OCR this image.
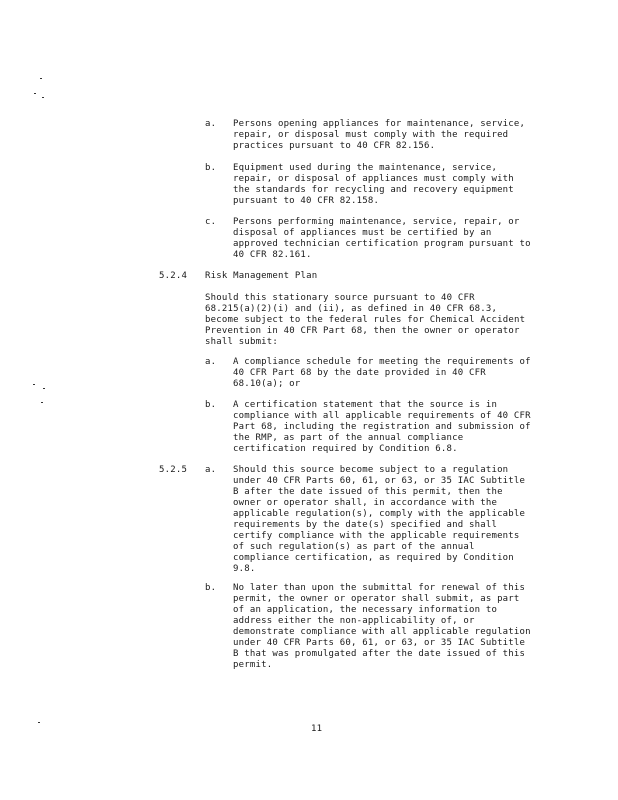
a. Persons opening appliances for maintenance, service,
repair, or disposal must comply with the required
practices pursuant to 40 CFR 82.156.
b. Equipment used during the maintenance, service,
repair, or disposal of appliances must comply with
the standards for recycling and recovery equipment
pursuant to 40 CFR 82.158.
c. Persons performing maintenance, service, repair, or
disposal of appliances must be certified by an
approved technician certification program pursuant to
40 CFR 82.161.
5.2.4 Risk Management Plan
Should this stationary source pursuant to 40 CFR
68.215(a)(2)(i) and (ii), as defined in 40 CFR 68.3,
become subject to the federal rules for Chemical Accident
Prevention in 40 CFR Part 68, then the owner or operator
shall submit:
a. A compliance schedule for meeting the requirements of
40 CFR Part 68 by the date provided in 40 CFR
68.10(a); or
b. A certification statement that the source is in
compliance with all applicable requirements of 40 CFR
Part 68, including the registration and submission of
the RMP, as part of the annual compliance
certification required by Condition 6.8.
5.2.5 a. Should this source become subject to a regulation
under 40 CFR Parts 60, 61, or 63, or 35 IAC Subtitle
B after the date issued of this permit, then the
owner or operator shall, in accordance with the
applicable regulation(s), comply with the applicable
requirements by the date(s) specified and shall
certify compliance with the applicable requirements
of such regulation(s) as part of the annual
compliance certification, as required by Condition
9.8.
b. No later than upon the submittal for renewal of this
permit, the owner or operator shall submit, as part
of an application, the necessary information to
address either the non-applicability of, or
demonstrate compliance with all applicable regulation
under 40 CFR Parts 60, 61, or 63, or 35 IAC Subtitle
B that was promulgated after the date issued of this
permit.
11
